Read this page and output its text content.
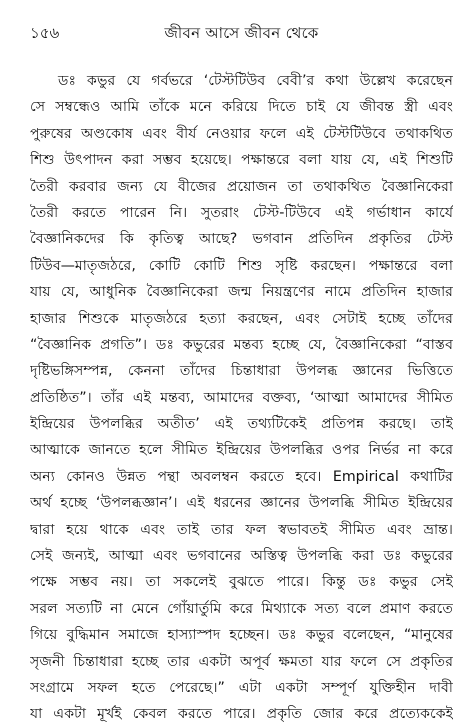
১৫৬	জীবন আসে জীবন থেকে
ডঃ কভুর যে গর্বভরে ‘টেস্টটিউব বেবী’র কথা উল্লেখ করেছেন
সে সম্বন্ধেও আমি তাঁকে মনে করিয়ে দিতে চাই যে জীবন্ত স্ত্রী এবং
পুরুষের অণ্ডকোষ এবং বীর্য নেওয়ার ফলে এই টেস্টটিউবে তথাকথিত
শিশু উৎপাদন করা সম্ভব হয়েছে। পক্ষান্তরে বলা যায় যে, এই শিশুটি
তৈরী করবার জন্য যে বীজের প্রয়োজন তা তথাকথিত বৈজ্ঞানিকেরা
তৈরী করতে পারেন নি। সুতরাং টেস্ট-টিউবে এই গর্ভাধান কার্যে
বৈজ্ঞানিকদের কি কৃতিত্ব আছে? ভগবান প্রতিদিন প্রকৃতির টেস্ট
টিউব—মাতৃজঠরে, কোটি কোটি শিশু সৃষ্টি করছেন। পক্ষান্তরে বলা
যায় যে, আধুনিক বৈজ্ঞানিকেরা জন্ম নিয়ন্ত্রণের নামে প্রতিদিন হাজার
হাজার শিশুকে মাতৃজঠরে হত্যা করছেন, এবং সেটাই হচ্ছে তাঁদের
“বৈজ্ঞানিক প্রগতি”। ডঃ কভুরের মন্তব্য হচ্ছে যে, বৈজ্ঞানিকেরা “বাস্তব
দৃষ্টিভঙ্গিসম্পন্ন, কেননা তাঁদের চিন্তাধারা উপলব্ধ জ্ঞানের ভিত্তিতে
প্রতিষ্ঠিত”। তাঁর এই মন্তব্য, আমাদের বক্তব্য, ‘আত্মা আমাদের সীমিত
ইন্দ্রিয়ের উপলব্ধির অতীত’ এই তথ্যটিকেই প্রতিপন্ন করছে। তাই
আত্মাকে জানতে হলে সীমিত ইন্দ্রিয়ের উপলব্ধির ওপর নির্ভর না করে
অন্য কোনও উন্নত পন্থা অবলম্বন করতে হবে। Empirical কথাটির
অর্থ হচ্ছে ‘উপলব্ধজ্ঞান’। এই ধরনের জ্ঞানের উপলব্ধি সীমিত ইন্দ্রিয়ের
দ্বারা হয়ে থাকে এবং তাই তার ফল স্বভাবতই সীমিত এবং ভ্রান্ত।
সেই জন্যই, আত্মা এবং ভগবানের অস্তিত্ব উপলব্ধি করা ডঃ কভুরের
পক্ষে সম্ভব নয়। তা সকলেই বুঝতে পারে। কিন্তু ডঃ কভুর সেই
সরল সত্যটি না মেনে গোঁয়ার্তুমি করে মিথ্যাকে সত্য বলে প্রমাণ করতে
গিয়ে বুদ্ধিমান সমাজে হাস্যাস্পদ হচ্ছেন। ডঃ কভুর বলেছেন, “মানুষের
সৃজনী চিন্তাধারা হচ্ছে তার একটা অপূর্ব ক্ষমতা যার ফলে সে প্রকৃতির
সংগ্রামে সফল হতে পেরেছে।” এটা একটা সম্পূর্ণ যুক্তিহীন দাবী
যা একটা মূর্খই কেবল করতে পারে। প্রকৃতি জোর করে প্রত্যেককেই
